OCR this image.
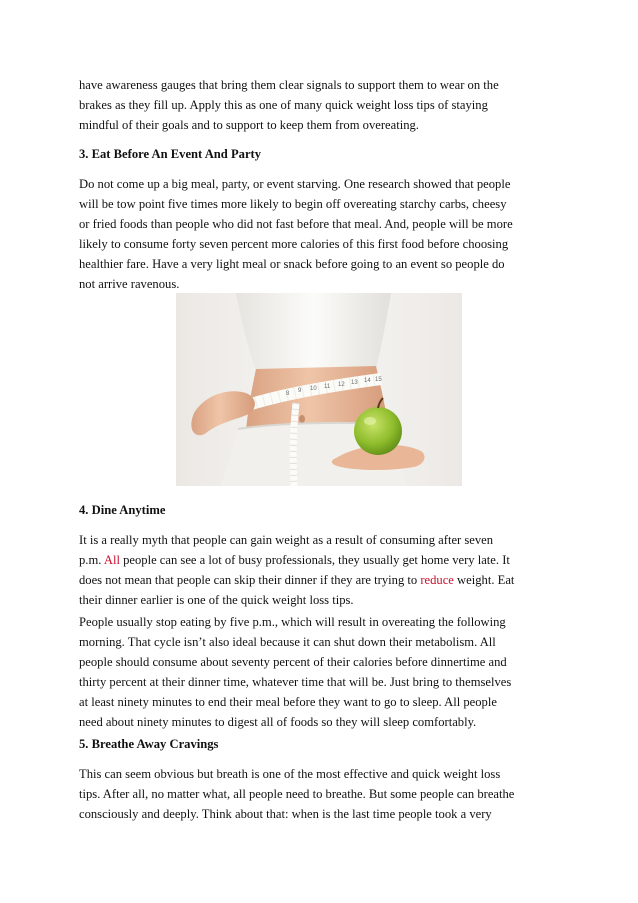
have awareness gauges that bring them clear signals to support them to wear on the
brakes as they fill up. Apply this as one of many quick weight loss tips of staying
mindful of their goals and to support to keep them from overeating.

3. Eat Before An Event And Party

Do not come up a big meal, party, or event starving. One research showed that people
will be tow point five times more likely to begin off overeating starchy carbs, cheesy
or fried foods than people who did not fast before that meal. And, people will be more
likely to consume forty seven percent more calories of this first food before choosing
healthier fare. Have a very light meal or snack before going to an event so people do
not arrive ravenous.

8 9 10 11 12 13 14 15
4. Dine Anytime

It is a really myth that people can gain weight as a result of consuming after seven
p.m. All people can see a lot of busy professionals, they usually get home very late. It
does not mean that people can skip their dinner if they are trying to reduce weight. Eat
their dinner earlier is one of the quick weight loss tips.

People usually stop eating by five p.m., which will result in overeating the following
morning. That cycle isn’t also ideal because it can shut down their metabolism. All
people should consume about seventy percent of their calories before dinnertime and
thirty percent at their dinner time, whatever time that will be. Just bring to themselves
at least ninety minutes to end their meal before they want to go to sleep. All people
need about ninety minutes to digest all of foods so they will sleep comfortably.

5. Breathe Away Cravings

This can seem obvious but breath is one of the most effective and quick weight loss
tips. After all, no matter what, all people need to breathe. But some people can breathe
consciously and deeply. Think about that: when is the last time people took a very
